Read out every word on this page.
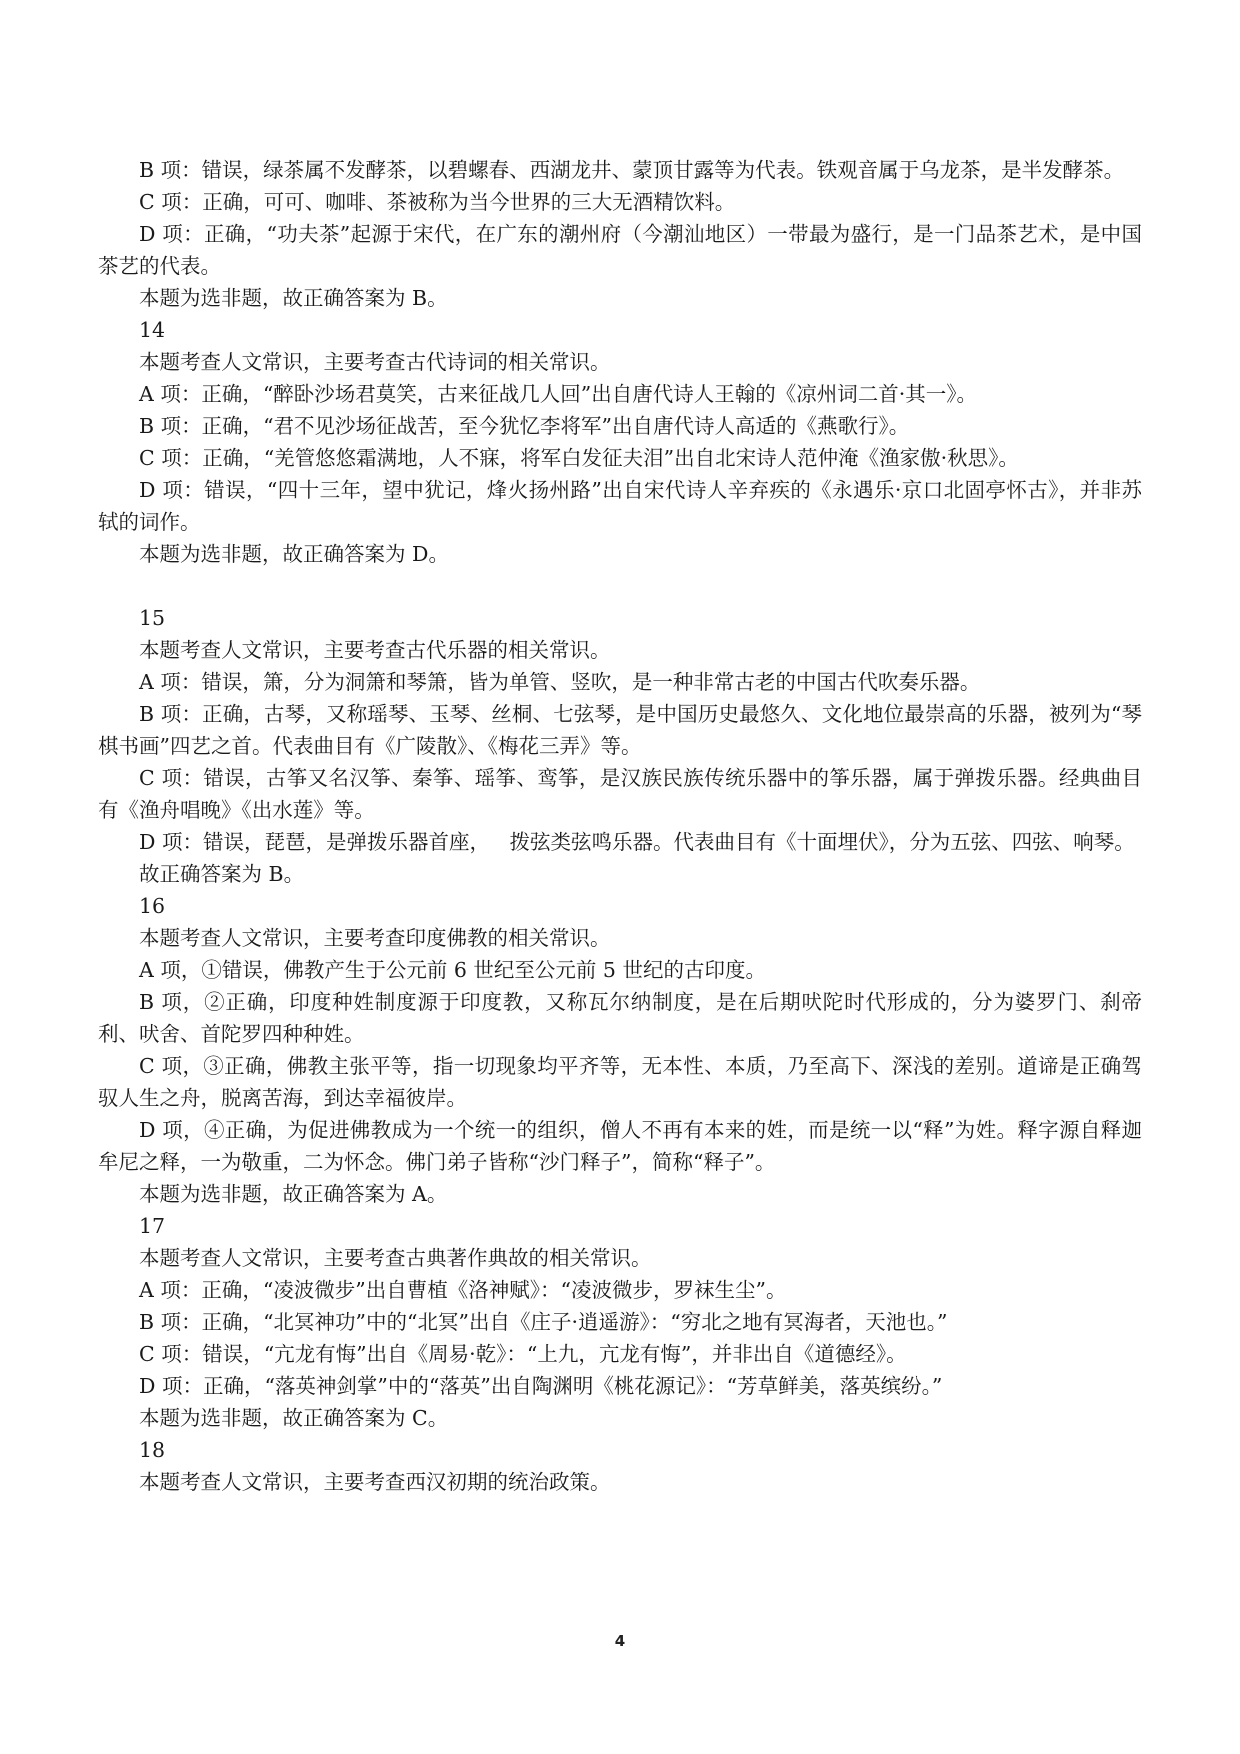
B 项：错误，绿茶属不发酵茶，以碧螺春、西湖龙井、蒙顶甘露等为代表。铁观音属于乌龙茶，是半发酵茶。

C 项：正确，可可、咖啡、茶被称为当今世界的三大无酒精饮料。

D 项：正确，“功夫茶”起源于宋代，在广东的潮州府（今潮汕地区）一带最为盛行，是一门品茶艺术，是中国茶艺的代表。

本题为选非题，故正确答案为 B。

14

本题考查人文常识，主要考查古代诗词的相关常识。

A 项：正确，“醉卧沙场君莫笑，古来征战几人回”出自唐代诗人王翰的《凉州词二首·其一》。

B 项：正确，“君不见沙场征战苦，至今犹忆李将军”出自唐代诗人高适的《燕歌行》。

C 项：正确，“羌管悠悠霜满地，人不寐，将军白发征夫泪”出自北宋诗人范仲淹《渔家傲·秋思》。

D 项：错误，“四十三年，望中犹记，烽火扬州路”出自宋代诗人辛弃疾的《永遇乐·京口北固亭怀古》，并非苏轼的词作。

本题为选非题，故正确答案为 D。

15

本题考查人文常识，主要考查古代乐器的相关常识。

A 项：错误，箫，分为洞箫和琴箫，皆为单管、竖吹，是一种非常古老的中国古代吹奏乐器。

B 项：正确，古琴，又称瑶琴、玉琴、丝桐、七弦琴，是中国历史最悠久、文化地位最崇高的乐器，被列为“琴棋书画”四艺之首。代表曲目有《广陵散》、《梅花三弄》等。

C 项：错误，古筝又名汉筝、秦筝、瑶筝、鸾筝，是汉族民族传统乐器中的筝乐器，属于弹拨乐器。经典曲目有《渔舟唱晚》《出水莲》等。

D 项：错误，琵琶，是弹拨乐器首座，   拨弦类弦鸣乐器。代表曲目有《十面埋伏》，分为五弦、四弦、响琴。

故正确答案为 B。

16

本题考查人文常识，主要考查印度佛教的相关常识。

A 项，①错误，佛教产生于公元前 6 世纪至公元前 5 世纪的古印度。

B 项，②正确，印度种姓制度源于印度教，又称瓦尔纳制度，是在后期吠陀时代形成的，分为婆罗门、刹帝利、吠舍、首陀罗四种种姓。

C 项，③正确，佛教主张平等，指一切现象均平齐等，无本性、本质，乃至高下、深浅的差别。道谛是正确驾驭人生之舟，脱离苦海，到达幸福彼岸。

D 项，④正确，为促进佛教成为一个统一的组织，僧人不再有本来的姓，而是统一以“释”为姓。释字源自释迦牟尼之释，一为敬重，二为怀念。佛门弟子皆称“沙门释子”，简称“释子”。

本题为选非题，故正确答案为 A。

17

本题考查人文常识，主要考查古典著作典故的相关常识。

A 项：正确，“凌波微步”出自曹植《洛神赋》：“凌波微步，罗袜生尘”。

B 项：正确，“北冥神功”中的“北冥”出自《庄子·逍遥游》：“穷北之地有冥海者，天池也。”

C 项：错误，“亢龙有悔”出自《周易·乾》：“上九，亢龙有悔”，并非出自《道德经》。

D 项：正确，“落英神剑掌”中的“落英”出自陶渊明《桃花源记》：“芳草鲜美，落英缤纷。”

本题为选非题，故正确答案为 C。

18

本题考查人文常识，主要考查西汉初期的统治政策。

4
